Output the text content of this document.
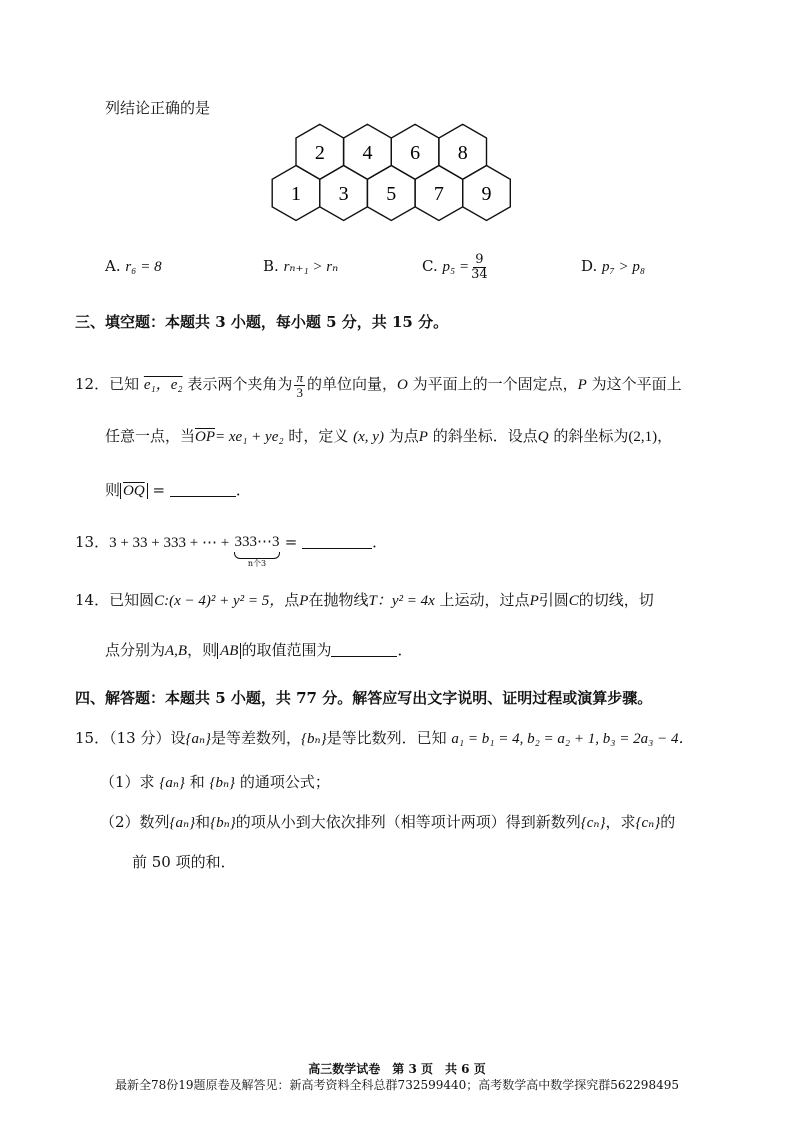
列结论正确的是
1 3 5 7 9
2 4 6 8
A. r₆ = 8	B. rₙ₊₁ > rₙ	C. $p_5 = \frac{9}{34}$	D. p₇ > p₈
三、填空题：本题共 3 小题，每小题 5 分，共 15 分。
12．已知 e₁，e₂ 表示两个夹角为 $\frac{\pi}{3}$ 的单位向量，O 为平面上的一个固定点，P 为这个平面上
任意一点，当$\overline{OP}= xe_1 + ye_2$ 时，定义 (x, y) 为点P 的斜坐标．设点Q 的斜坐标为(2,1)，
则 $\overline{OQ}$ =	．
13．3 + 33 + 333 + ⋯ + 333⋯3
n个3
=	．
14．已知圆C:(x − 4)² + y² = 5，点P在抛物线T：y² = 4x 上运动，过点P引圆C的切线，切
点分别为A,B，则 AB 的取值范围为	．
四、解答题：本题共 5 小题，共 77 分。解答应写出文字说明、证明过程或演算步骤。
15．（13 分）设{aₙ}是等差数列，{bₙ}是等比数列．已知 a₁ = b₁ = 4, b₂ = a₂ + 1, b₃ = 2a₃ − 4．
（1）求 {aₙ} 和 {bₙ} 的通项公式；
（2）数列{aₙ}和{bₙ}的项从小到大依次排列（相等项计两项）得到新数列{cₙ}，求{cₙ}的
前 50 项的和．
高三数学试卷　第 3 页　共 6 页
最新全78份19题原卷及解答见：新高考资料全科总群732599440；高考数学高中数学探究群562298495
